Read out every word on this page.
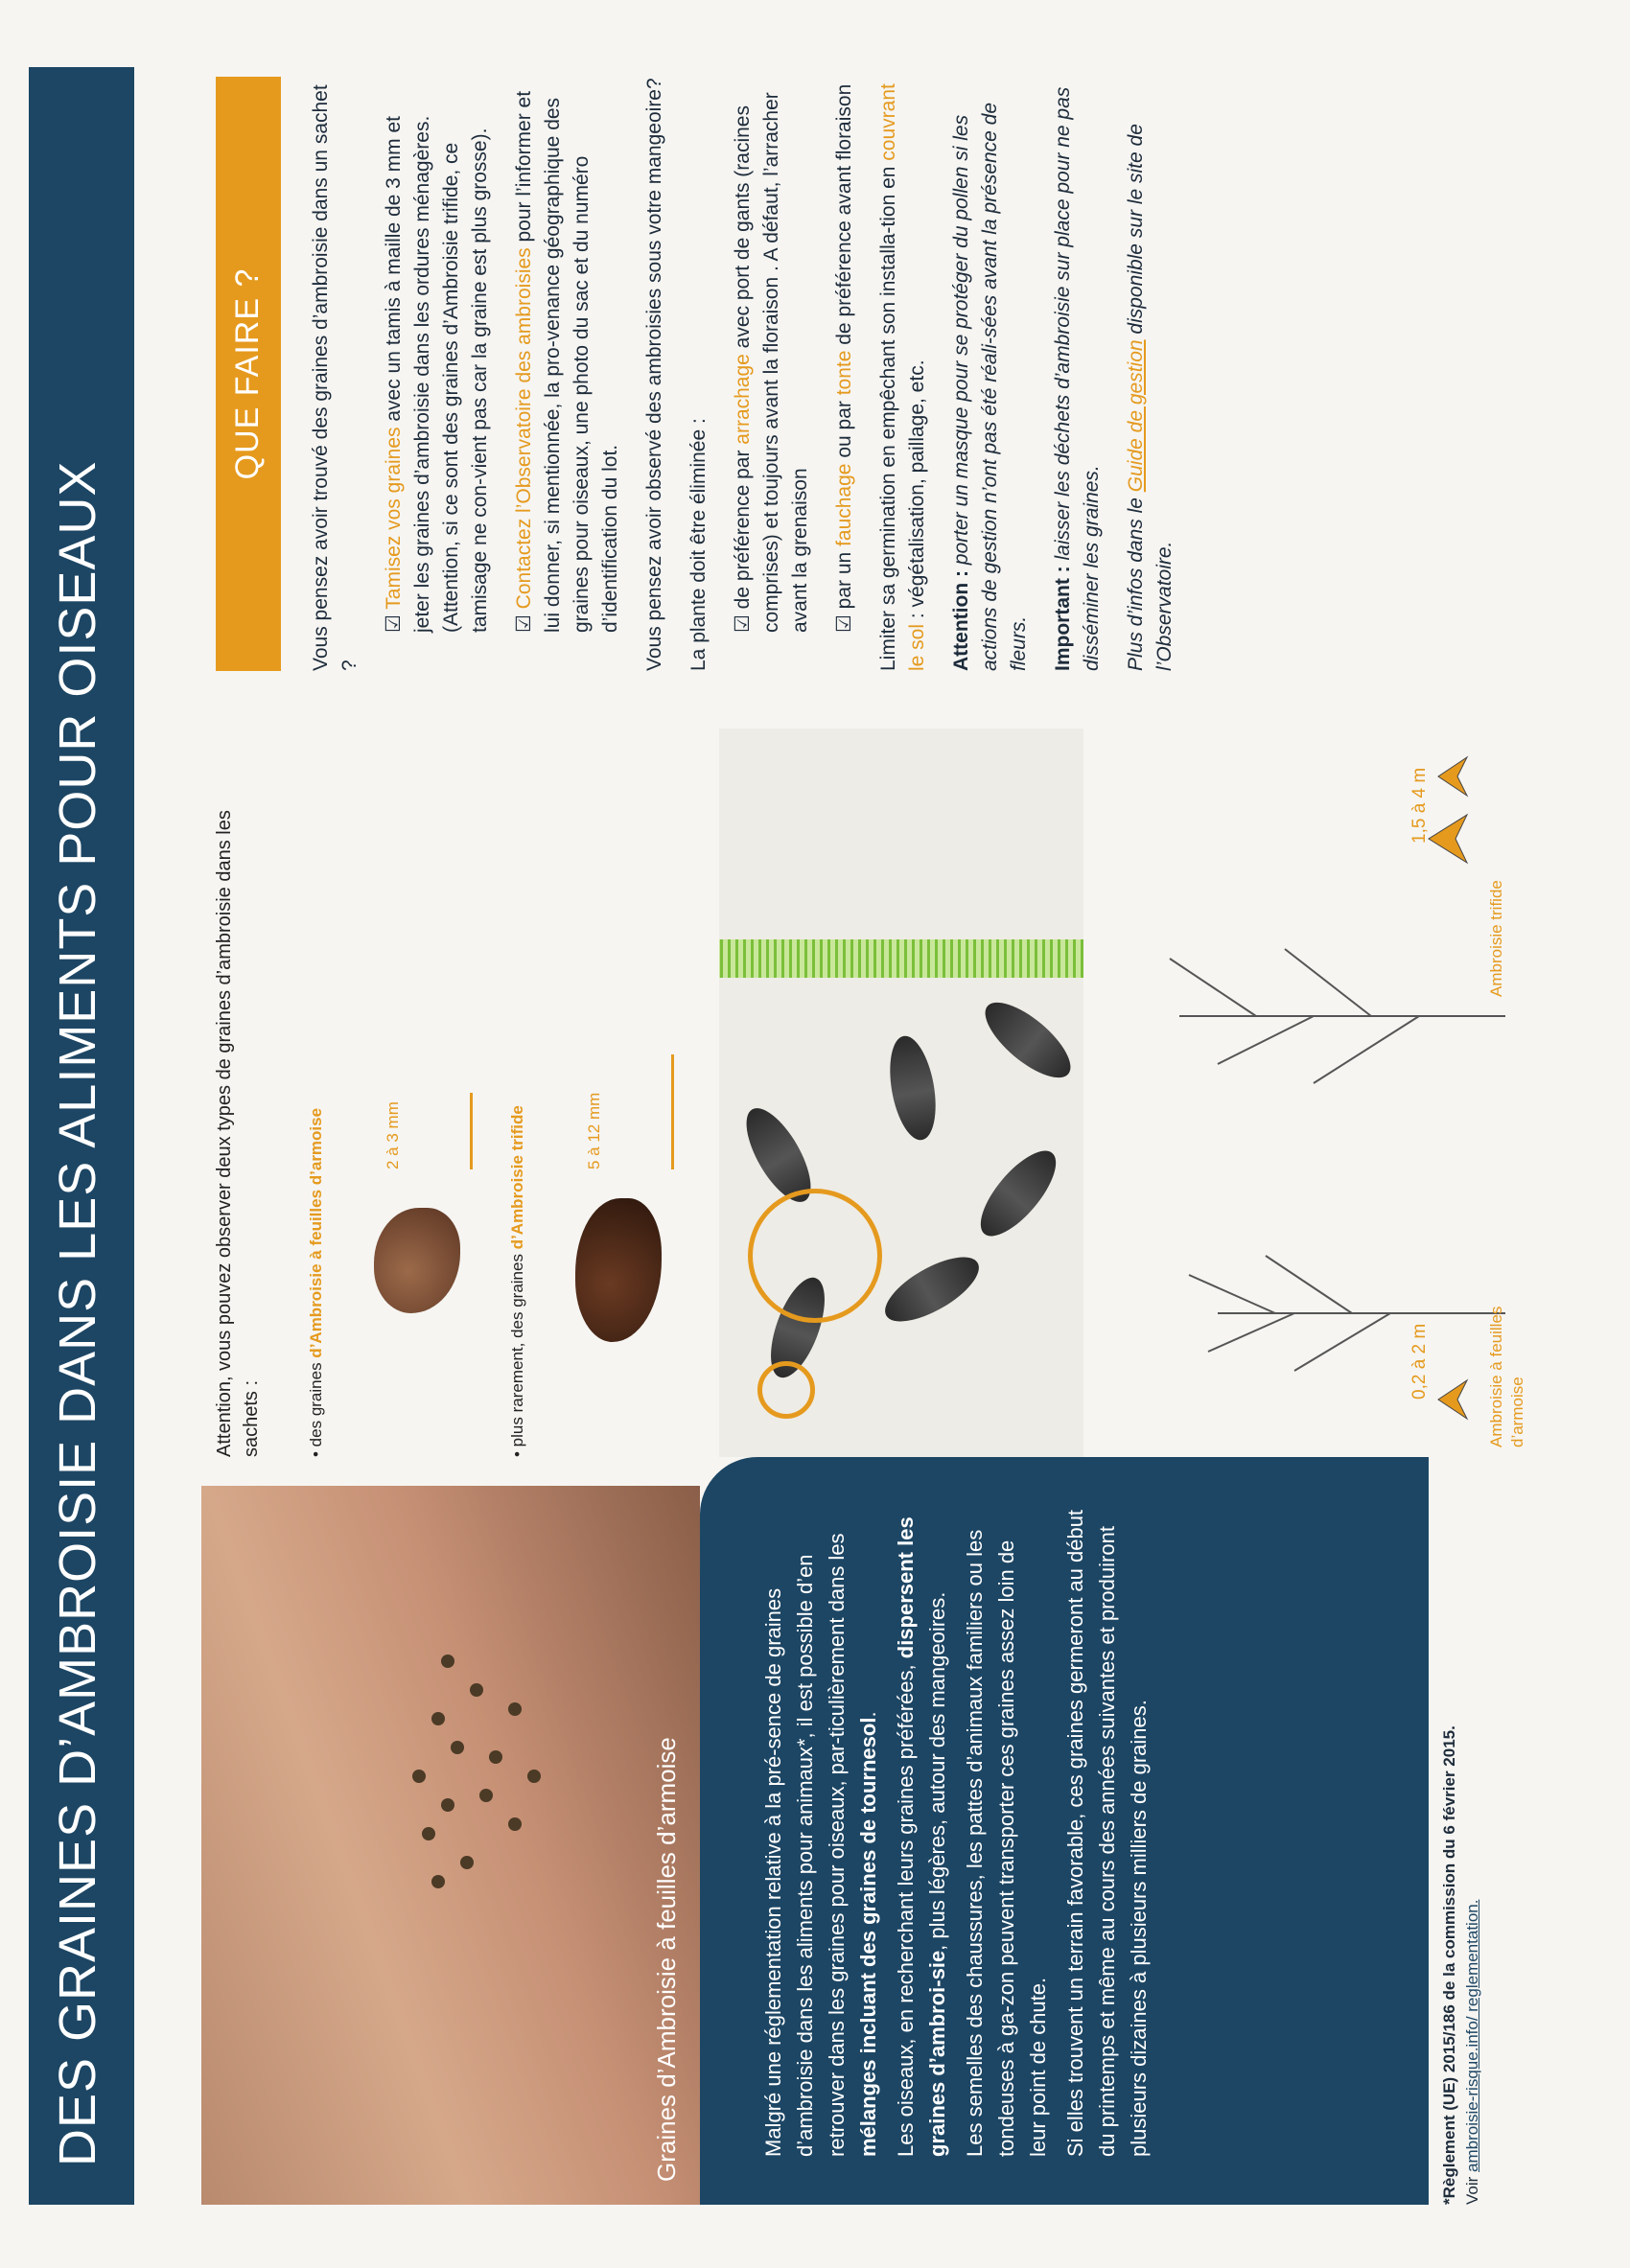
DES GRAINES D’AMBROISIE DANS LES ALIMENTS POUR OISEAUX	Graines d’Ambroisie à feuilles d’armoise	Malgré une réglementation relative à la pré-sence de graines d’ambroisie dans les aliments pour animaux*, il est possible d’en retrouver dans les graines pour oiseaux, par-ticulièrement dans les mélanges incluant des graines de tournesol. Les oiseaux, en recherchant leurs graines préférées, dispersent les graines d’ambroi-sie, plus légères, autour des mangeoires. Les semelles des chaussures, les pattes d’animaux familiers ou les tondeuses à ga-zon peuvent transporter ces graines assez loin de leur point de chute. Si elles trouvent un terrain favorable, ces graines germeront au début du printemps et même au cours des années suivantes et produiront plusieurs dizaines à plusieurs milliers de graines.	*Règlement (UE) 2015/186 de la commission du 6 février 2015. Voir ambroisie-risque.info/ reglementation.
Attention, vous pouvez observer deux types de graines d’ambroisie dans les sachets :	• des graines d’Ambroisie à feuilles d’armoise	2 à 3 mm
• plus rarement, des graines d’Ambroisie trifide	5 à 12 mm
Ambroisie à feuilles d’armoise
0,2 à 2 m
Ambroisie trifide
1,5 à 4 m
QUE FAIRE ? Vous pensez avoir trouvé des graines d’ambroisie dans un sachet ?

☑ Tamisez vos graines avec un tamis à maille de 3 mm et jeter les graines d’ambroisie dans les ordures ménagères. (Attention, si ce sont des graines d’Ambroisie trifide, ce tamisage ne con-vient pas car la graine est plus grosse). ☑ Contactez l’Observatoire des ambroisies pour l’informer et lui donner, si mentionnée, la pro-venance géographique des graines pour oiseaux, une photo du sac et du numéro d’identification du lot. Vous pensez avoir observé des ambroisies sous votre mangeoire? La plante doit être éliminée : ☑ de préférence par arrachage avec port de gants (racines comprises) et toujours avant la floraison . A défaut, l’arracher avant la grenaison ☑ par un fauchage ou par tonte de préférence avant floraison Limiter sa germination en empêchant son installa-tion en couvrant le sol : végétalisation, paillage, etc. Attention : porter un masque pour se protéger du pollen si les actions de gestion n’ont pas été réali-sées avant la présence de fleurs. Important : laisser les déchets d’ambroisie sur place pour ne pas disséminer les graines. Plus d’infos dans le Guide de gestion disponible sur le site de l’Observatoire.
